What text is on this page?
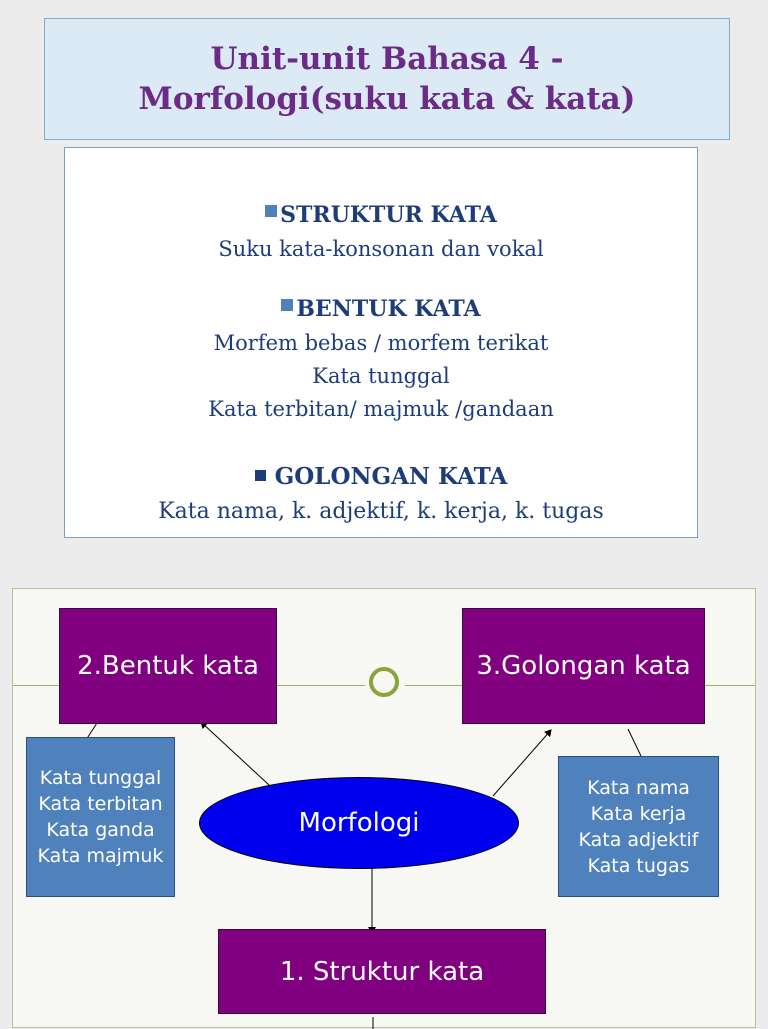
Unit-unit Bahasa 4 -
Morfologi(suku kata & kata)
STRUKTUR KATA
Suku kata-konsonan dan vokal
BENTUK KATA
Morfem bebas / morfem terikat
Kata tunggal
Kata terbitan/ majmuk /gandaan
GOLONGAN KATA
Kata nama, k. adjektif, k. kerja, k. tugas
2.Bentuk kata	3.Golongan kata
Kata tunggal
Kata terbitan
Kata ganda
Kata majmuk
Kata nama
Kata kerja
Kata adjektif
Kata tugas
Morfologi
1. Struktur kata
